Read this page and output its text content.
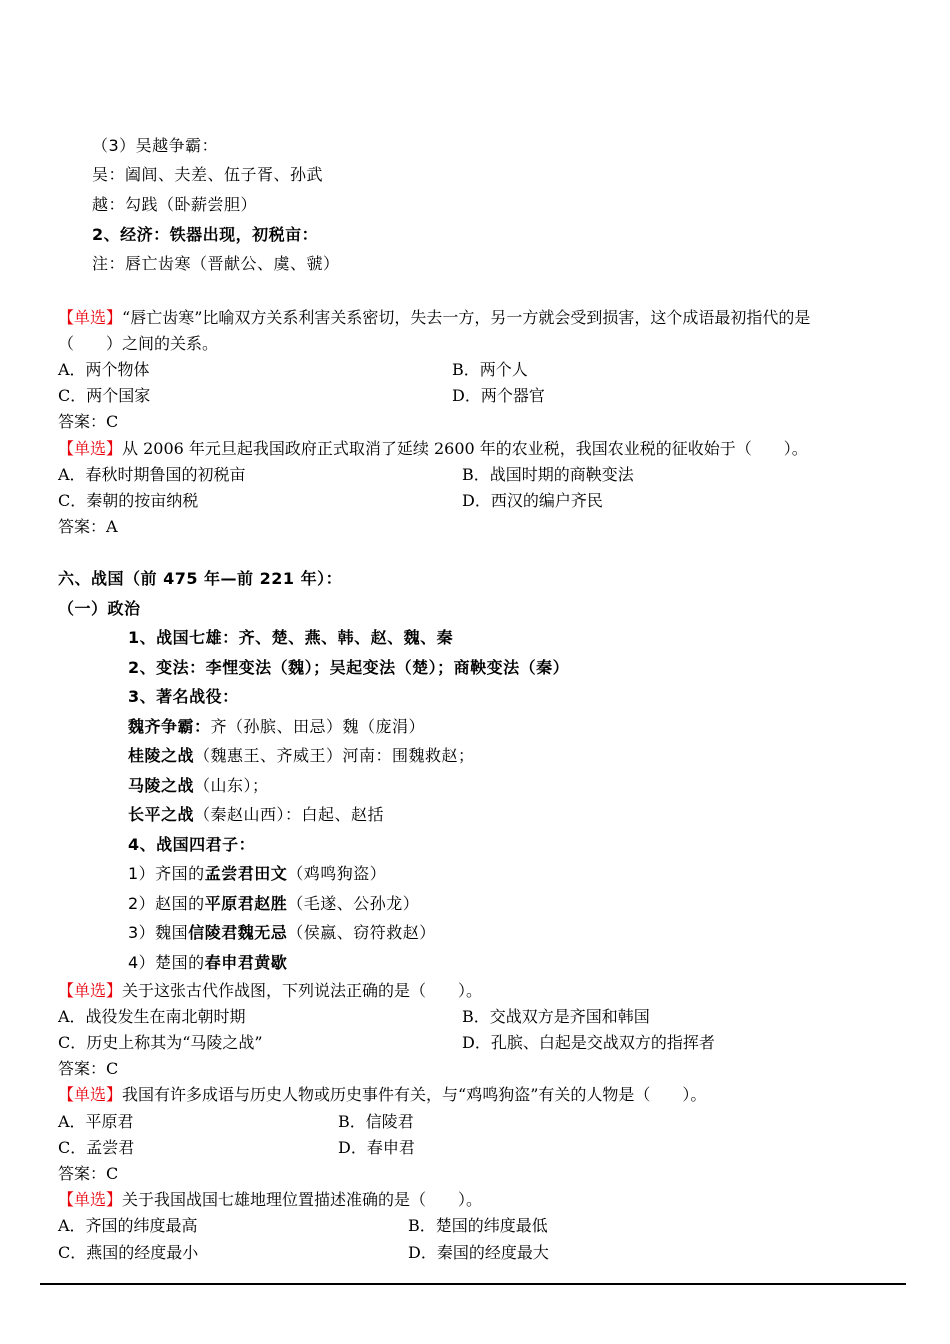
（3）吴越争霸：
吴：阖闾、夫差、伍子胥、孙武
越：勾践（卧薪尝胆）
2、经济：铁器出现，初税亩：
注：唇亡齿寒（晋献公、虞、虢）
【单选】“唇亡齿寒”比喻双方关系利害关系密切，失去一方，另一方就会受到损害，这个成语最初指代的是
（　　）之间的关系。
A．两个物体	B．两个人
C．两个国家	D．两个器官
答案：C
【单选】从 2006 年元旦起我国政府正式取消了延续 2600 年的农业税，我国农业税的征收始于（　　）。
A．春秋时期鲁国的初税亩	B．战国时期的商鞅变法
C．秦朝的按亩纳税	D．西汉的编户齐民
答案：A
六、战国（前 475 年—前 221 年）：
（一）政治
1、战国七雄：齐、楚、燕、韩、赵、魏、秦
2、变法：李悝变法（魏）；吴起变法（楚）；商鞅变法（秦）
3、著名战役：
魏齐争霸：齐（孙膑、田忌）魏（庞涓）
桂陵之战（魏惠王、齐威王）河南：围魏救赵；
马陵之战（山东）；
长平之战（秦赵山西）：白起、赵括
4、战国四君子：
1）齐国的孟尝君田文（鸡鸣狗盗）
2）赵国的平原君赵胜（毛遂、公孙龙）
3）魏国信陵君魏无忌（侯嬴、窃符救赵）
4）楚国的春申君黄歇
【单选】关于这张古代作战图，下列说法正确的是（　　）。
A．战役发生在南北朝时期	B．交战双方是齐国和韩国
C．历史上称其为“马陵之战”	D．孔膑、白起是交战双方的指挥者
答案：C
【单选】我国有许多成语与历史人物或历史事件有关，与“鸡鸣狗盗”有关的人物是（　　）。
A．平原君	B．信陵君
C．孟尝君	D．春申君
答案：C
【单选】关于我国战国七雄地理位置描述准确的是（　　）。
A．齐国的纬度最高	B．楚国的纬度最低
C．燕国的经度最小	D．秦国的经度最大
